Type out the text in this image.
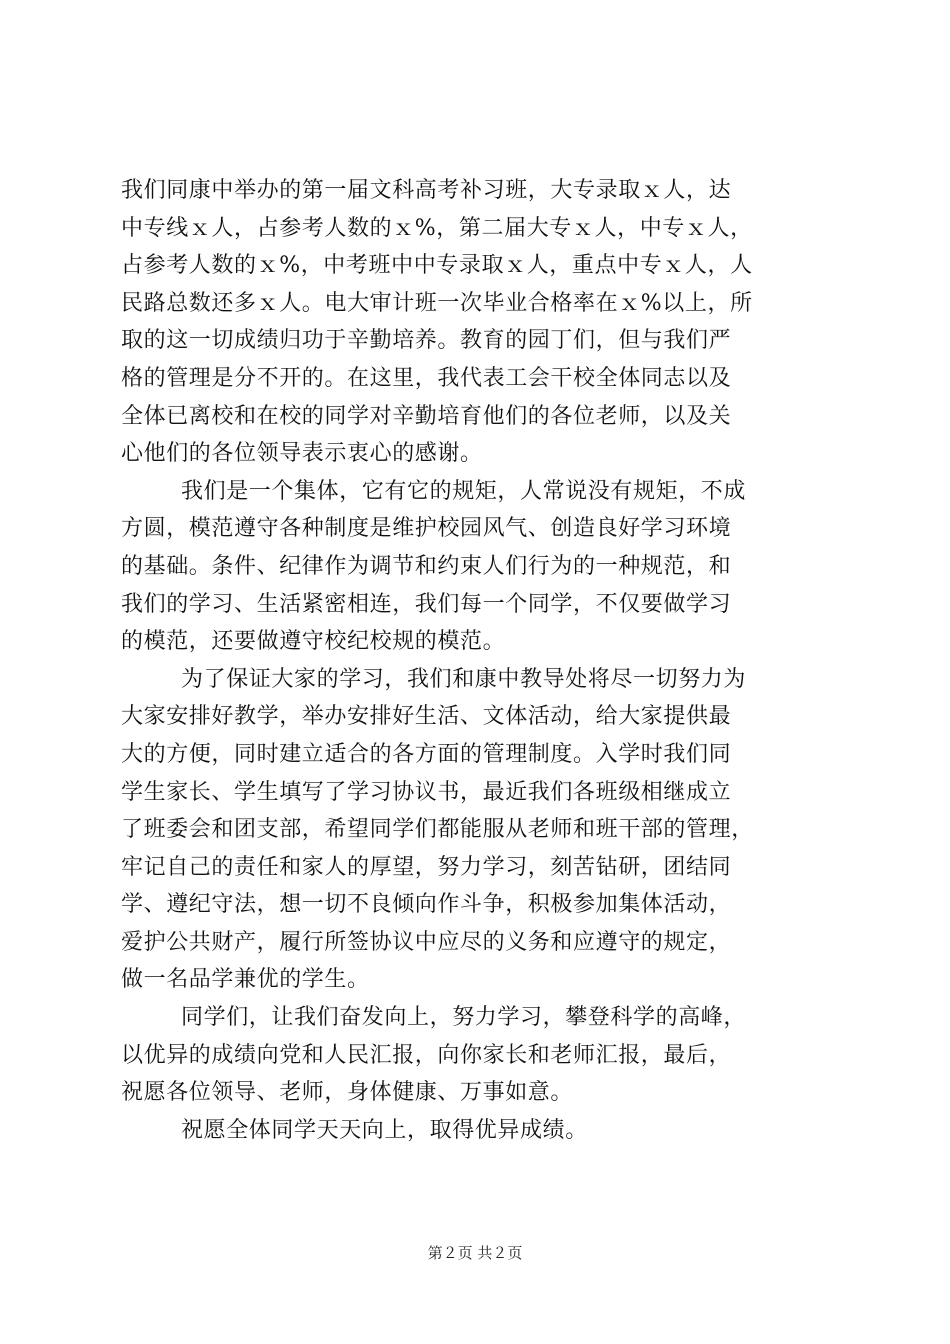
我们同康中举办的第一届文科高考补习班，大专录取ｘ人，达
中专线ｘ人，占参考人数的ｘ%，第二届大专ｘ人，中专ｘ人，
占参考人数的ｘ%，中考班中中专录取ｘ人，重点中专ｘ人，人
民路总数还多ｘ人。电大审计班一次毕业合格率在ｘ%以上，所
取的这一切成绩归功于辛勤培养。教育的园丁们，但与我们严
格的管理是分不开的。在这里，我代表工会干校全体同志以及
全体已离校和在校的同学对辛勤培育他们的各位老师，以及关
心他们的各位领导表示衷心的感谢。
我们是一个集体，它有它的规矩，人常说没有规矩，不成
方圆，模范遵守各种制度是维护校园风气、创造良好学习环境
的基础。条件、纪律作为调节和约束人们行为的一种规范，和
我们的学习、生活紧密相连，我们每一个同学，不仅要做学习
的模范，还要做遵守校纪校规的模范。
为了保证大家的学习，我们和康中教导处将尽一切努力为
大家安排好教学，举办安排好生活、文体活动，给大家提供最
大的方便，同时建立适合的各方面的管理制度。入学时我们同
学生家长、学生填写了学习协议书，最近我们各班级相继成立
了班委会和团支部，希望同学们都能服从老师和班干部的管理，
牢记自己的责任和家人的厚望，努力学习，刻苦钻研，团结同
学、遵纪守法，想一切不良倾向作斗争，积极参加集体活动，
爱护公共财产，履行所签协议中应尽的义务和应遵守的规定，
做一名品学兼优的学生。
同学们，让我们奋发向上，努力学习，攀登科学的高峰，
以优异的成绩向党和人民汇报，向你家长和老师汇报，最后，
祝愿各位领导、老师，身体健康、万事如意。
祝愿全体同学天天向上，取得优异成绩。
第２页 共２页
